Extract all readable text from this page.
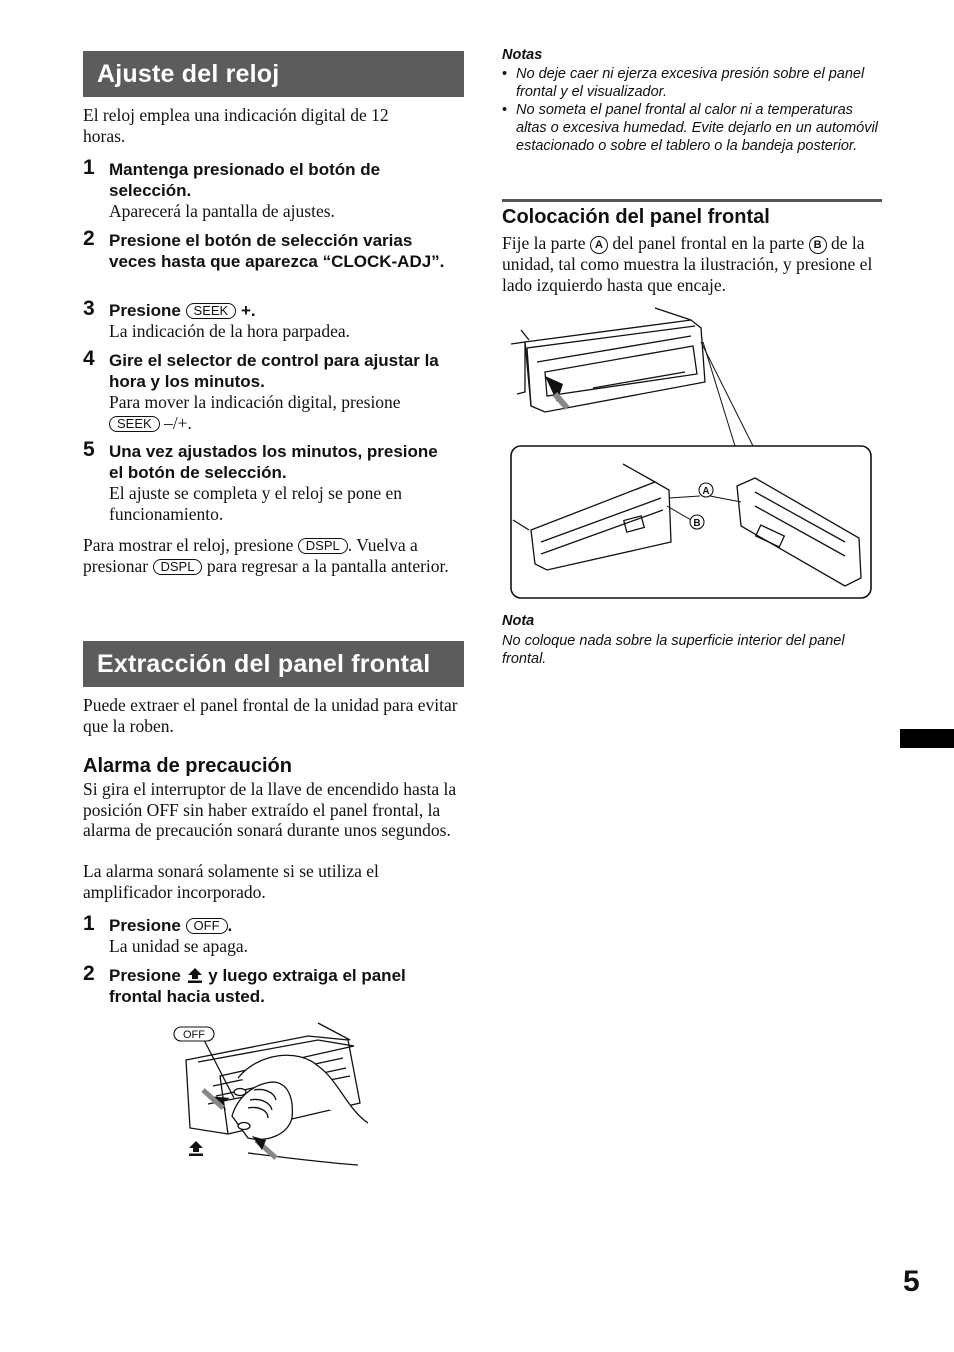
Ajuste del reloj
El reloj emplea una indicación digital de 12 horas.
1 Mantenga presionado el botón de selección.
Aparecerá la pantalla de ajustes.
2 Presione el botón de selección varias veces hasta que aparezca “CLOCK-ADJ”.
3 Presione SEEK +.
La indicación de la hora parpadea.
4 Gire el selector de control para ajustar la hora y los minutos.
Para mover la indicación digital, presione
SEEK –/+.
5 Una vez ajustados los minutos, presione el botón de selección.
El ajuste se completa y el reloj se pone en funcionamiento.
Para mostrar el reloj, presione DSPL . Vuelva a presionar DSPL para regresar a la pantalla anterior.
Extracción del panel frontal
Puede extraer el panel frontal de la unidad para evitar que la roben.
Alarma de precaución
Si gira el interruptor de la llave de encendido hasta la posición OFF sin haber extraído el panel frontal, la alarma de precaución sonará durante unos segundos.
La alarma sonará solamente si se utiliza el amplificador incorporado.
1 Presione OFF .
La unidad se apaga.
2 Presione y luego extraiga el panel frontal hacia usted.
OFF
Notas
• No deje caer ni ejerza excesiva presión sobre el panel frontal y el visualizador.
• No someta el panel frontal al calor ni a temperaturas altas o excesiva humedad. Evite dejarlo en un automóvil estacionado o sobre el tablero o la bandeja posterior.
Colocación del panel frontal
Fije la parte A del panel frontal en la parte B de la unidad, tal como muestra la ilustración, y presione el lado izquierdo hasta que encaje.
A
B
Nota
No coloque nada sobre la superficie interior del panel frontal.
5
